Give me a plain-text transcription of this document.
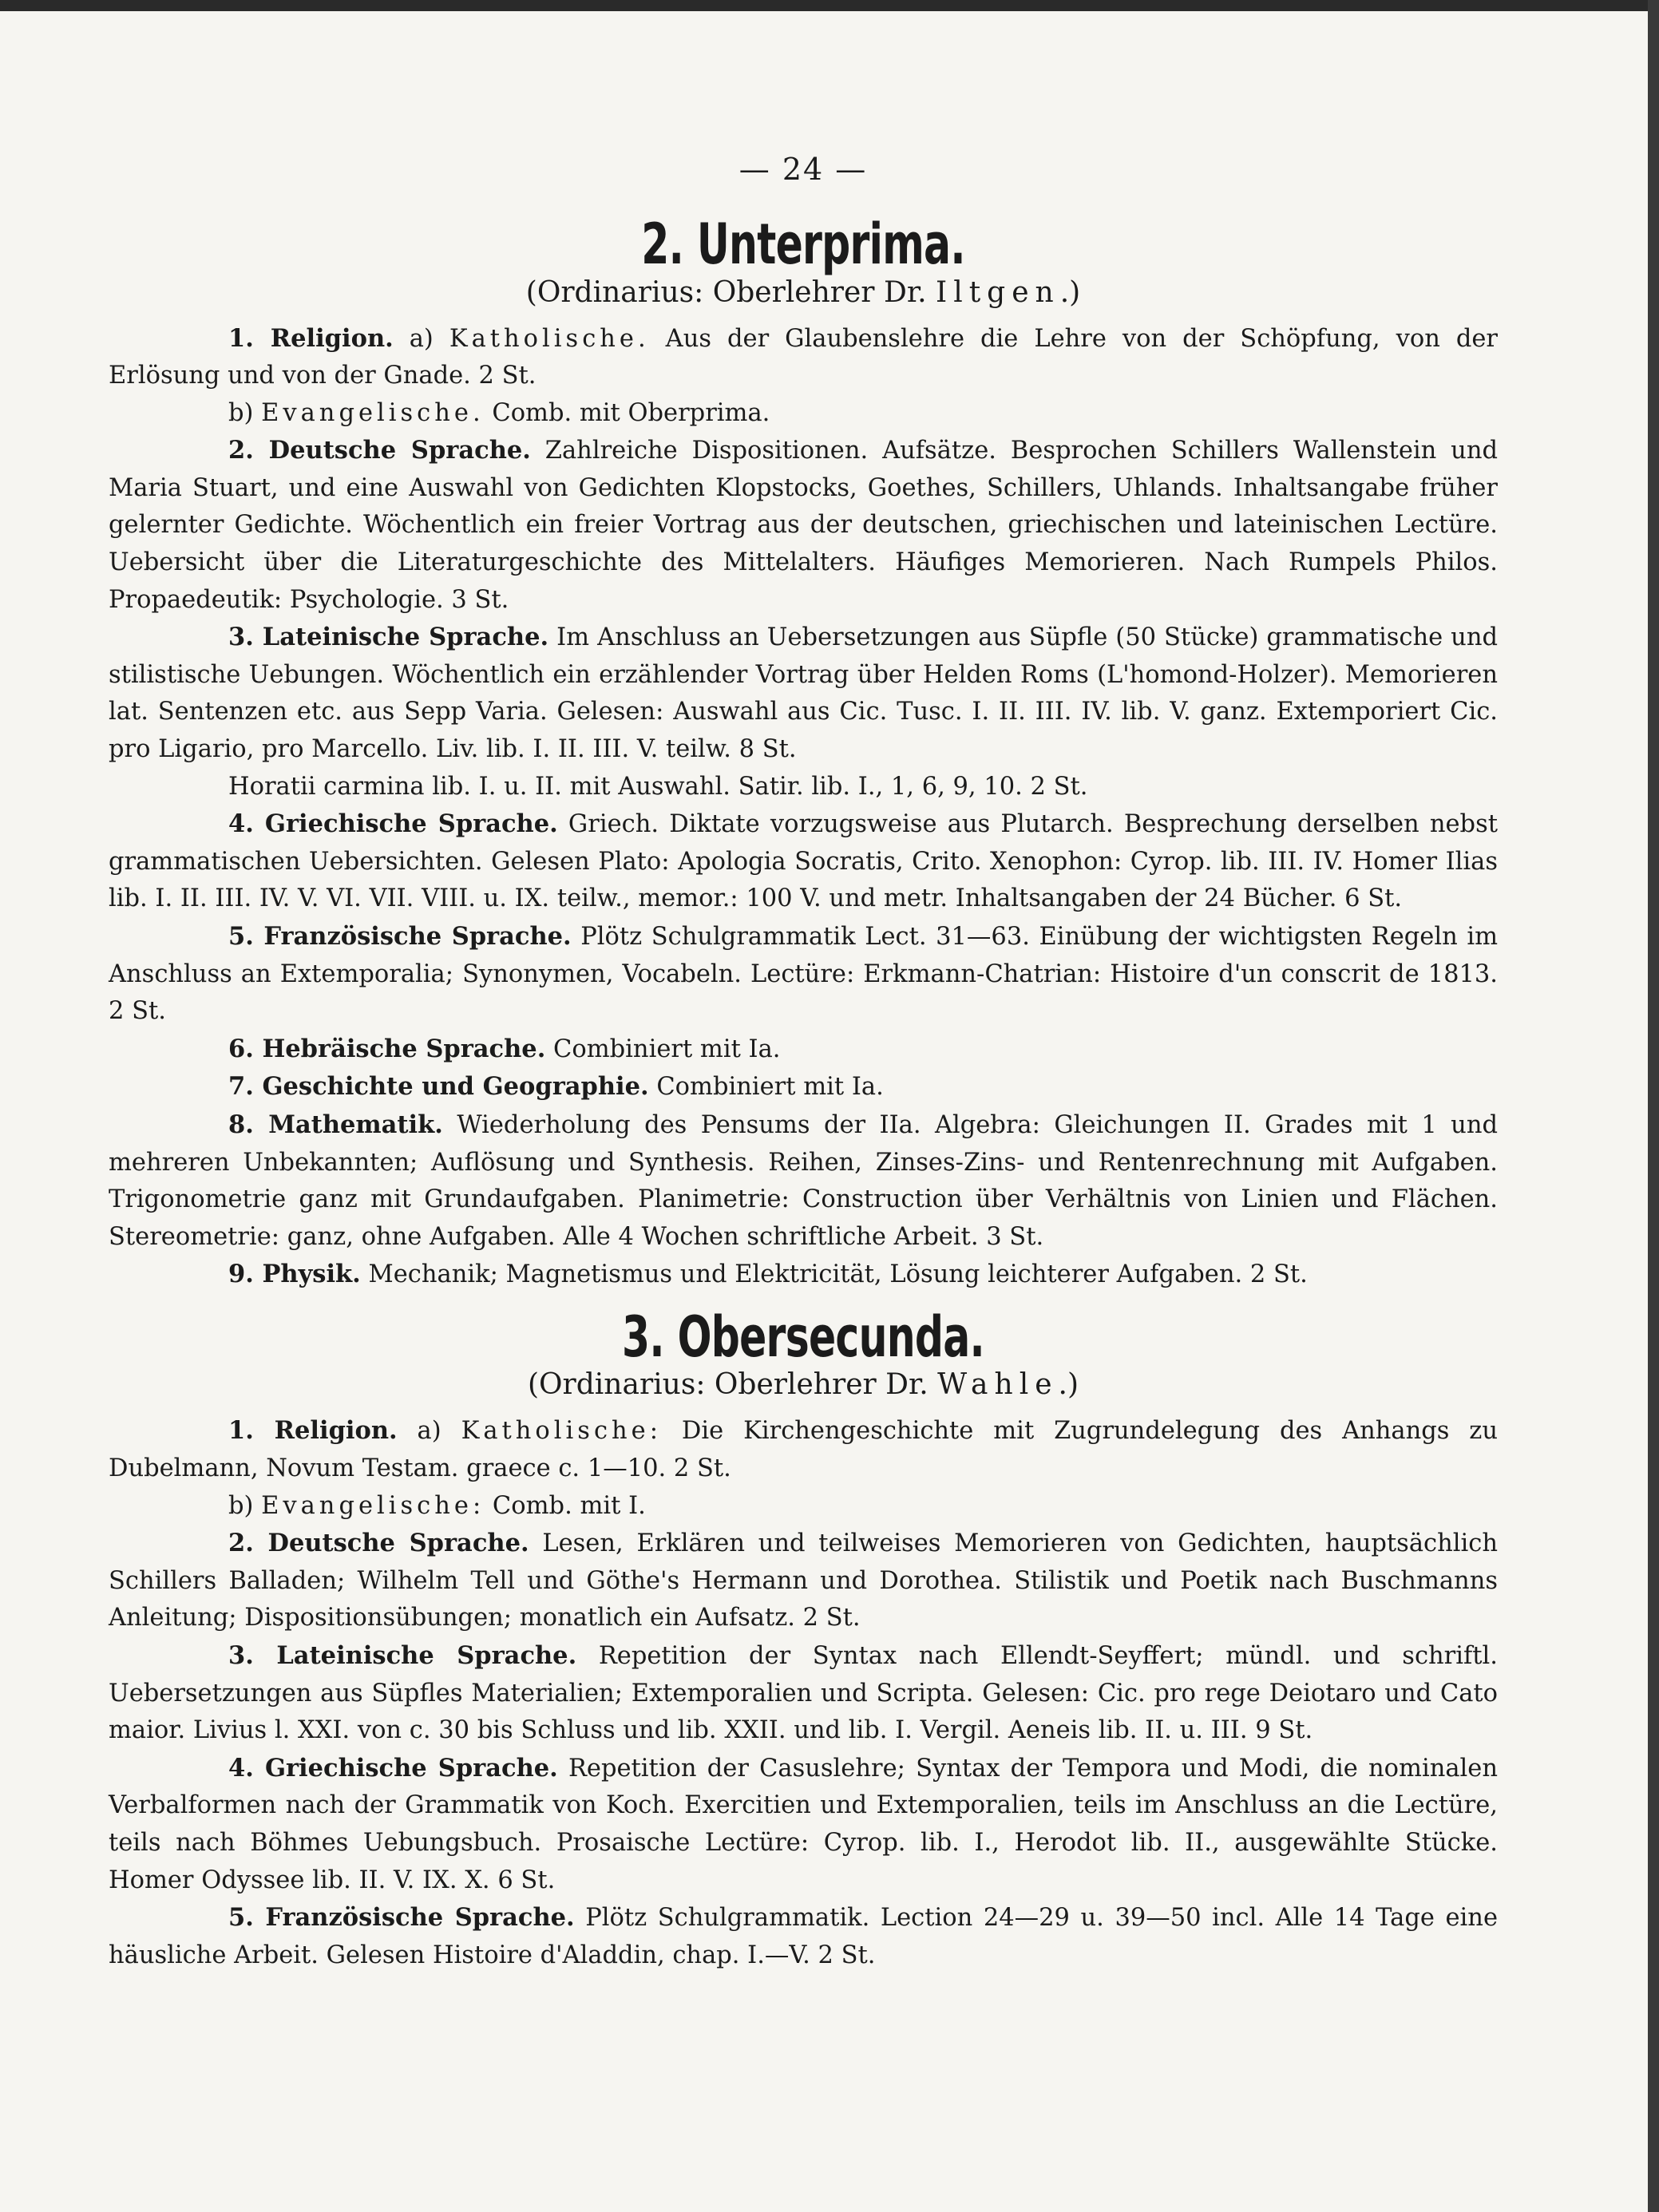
— 24 —
2. Unterprima.
(Ordinarius: Oberlehrer Dr. Iltgen.)

1. Religion. a) Katholische. Aus der Glaubenslehre die Lehre von der Schöpfung, von der Erlösung und von der Gnade. 2 St.

b) Evangelische. Comb. mit Oberprima.

2. Deutsche Sprache. Zahlreiche Dispositionen. Aufsätze. Besprochen Schillers Wallenstein und Maria Stuart, und eine Auswahl von Gedichten Klopstocks, Goethes, Schillers, Uhlands. Inhaltsangabe früher gelernter Gedichte. Wöchentlich ein freier Vortrag aus der deutschen, griechischen und lateinischen Lectüre. Uebersicht über die Literaturgeschichte des Mittelalters. Häufiges Memorieren. Nach Rumpels Philos. Propaedeutik: Psychologie. 3 St.

3. Lateinische Sprache. Im Anschluss an Uebersetzungen aus Süpfle (50 Stücke) grammatische und stilistische Uebungen. Wöchentlich ein erzählender Vortrag über Helden Roms (L'homond-Holzer). Memorieren lat. Sentenzen etc. aus Sepp Varia. Gelesen: Auswahl aus Cic. Tusc. I. II. III. IV. lib. V. ganz. Extemporiert Cic. pro Ligario, pro Marcello. Liv. lib. I. II. III. V. teilw. 8 St.

Horatii carmina lib. I. u. II. mit Auswahl. Satir. lib. I., 1, 6, 9, 10. 2 St.

4. Griechische Sprache. Griech. Diktate vorzugsweise aus Plutarch. Besprechung derselben nebst grammatischen Uebersichten. Gelesen Plato: Apologia Socratis, Crito. Xenophon: Cyrop. lib. III. IV. Homer Ilias lib. I. II. III. IV. V. VI. VII. VIII. u. IX. teilw., memor.: 100 V. und metr. Inhaltsangaben der 24 Bücher. 6 St.

5. Französische Sprache. Plötz Schulgrammatik Lect. 31—63. Einübung der wichtigsten Regeln im Anschluss an Extemporalia; Synonymen, Vocabeln. Lectüre: Erkmann-Chatrian: Histoire d'un conscrit de 1813. 2 St.

6. Hebräische Sprache. Combiniert mit Ia.

7. Geschichte und Geographie. Combiniert mit Ia.

8. Mathematik. Wiederholung des Pensums der IIa. Algebra: Gleichungen II. Grades mit 1 und mehreren Unbekannten; Auflösung und Synthesis. Reihen, Zinses-Zins- und Rentenrechnung mit Aufgaben. Trigonometrie ganz mit Grundaufgaben. Planimetrie: Construction über Verhältnis von Linien und Flächen. Stereometrie: ganz, ohne Aufgaben. Alle 4 Wochen schriftliche Arbeit. 3 St.

9. Physik. Mechanik; Magnetismus und Elektricität, Lösung leichterer Aufgaben. 2 St.

3. Obersecunda.
(Ordinarius: Oberlehrer Dr. Wahle.)

1. Religion. a) Katholische: Die Kirchengeschichte mit Zugrundelegung des Anhangs zu Dubelmann, Novum Testam. graece c. 1—10. 2 St.

b) Evangelische: Comb. mit I.

2. Deutsche Sprache. Lesen, Erklären und teilweises Memorieren von Gedichten, hauptsächlich Schillers Balladen; Wilhelm Tell und Göthe's Hermann und Dorothea. Stilistik und Poetik nach Buschmanns Anleitung; Dispositionsübungen; monatlich ein Aufsatz. 2 St.

3. Lateinische Sprache. Repetition der Syntax nach Ellendt-Seyffert; mündl. und schriftl. Uebersetzungen aus Süpfles Materialien; Extemporalien und Scripta. Gelesen: Cic. pro rege Deiotaro und Cato maior. Livius l. XXI. von c. 30 bis Schluss und lib. XXII. und lib. I. Vergil. Aeneis lib. II. u. III. 9 St.

4. Griechische Sprache. Repetition der Casuslehre; Syntax der Tempora und Modi, die nominalen Verbalformen nach der Grammatik von Koch. Exercitien und Extemporalien, teils im Anschluss an die Lectüre, teils nach Böhmes Uebungsbuch. Prosaische Lectüre: Cyrop. lib. I., Herodot lib. II., ausgewählte Stücke. Homer Odyssee lib. II. V. IX. X. 6 St.

5. Französische Sprache. Plötz Schulgrammatik. Lection 24—29 u. 39—50 incl. Alle 14 Tage eine häusliche Arbeit. Gelesen Histoire d'Aladdin, chap. I.—V. 2 St.
